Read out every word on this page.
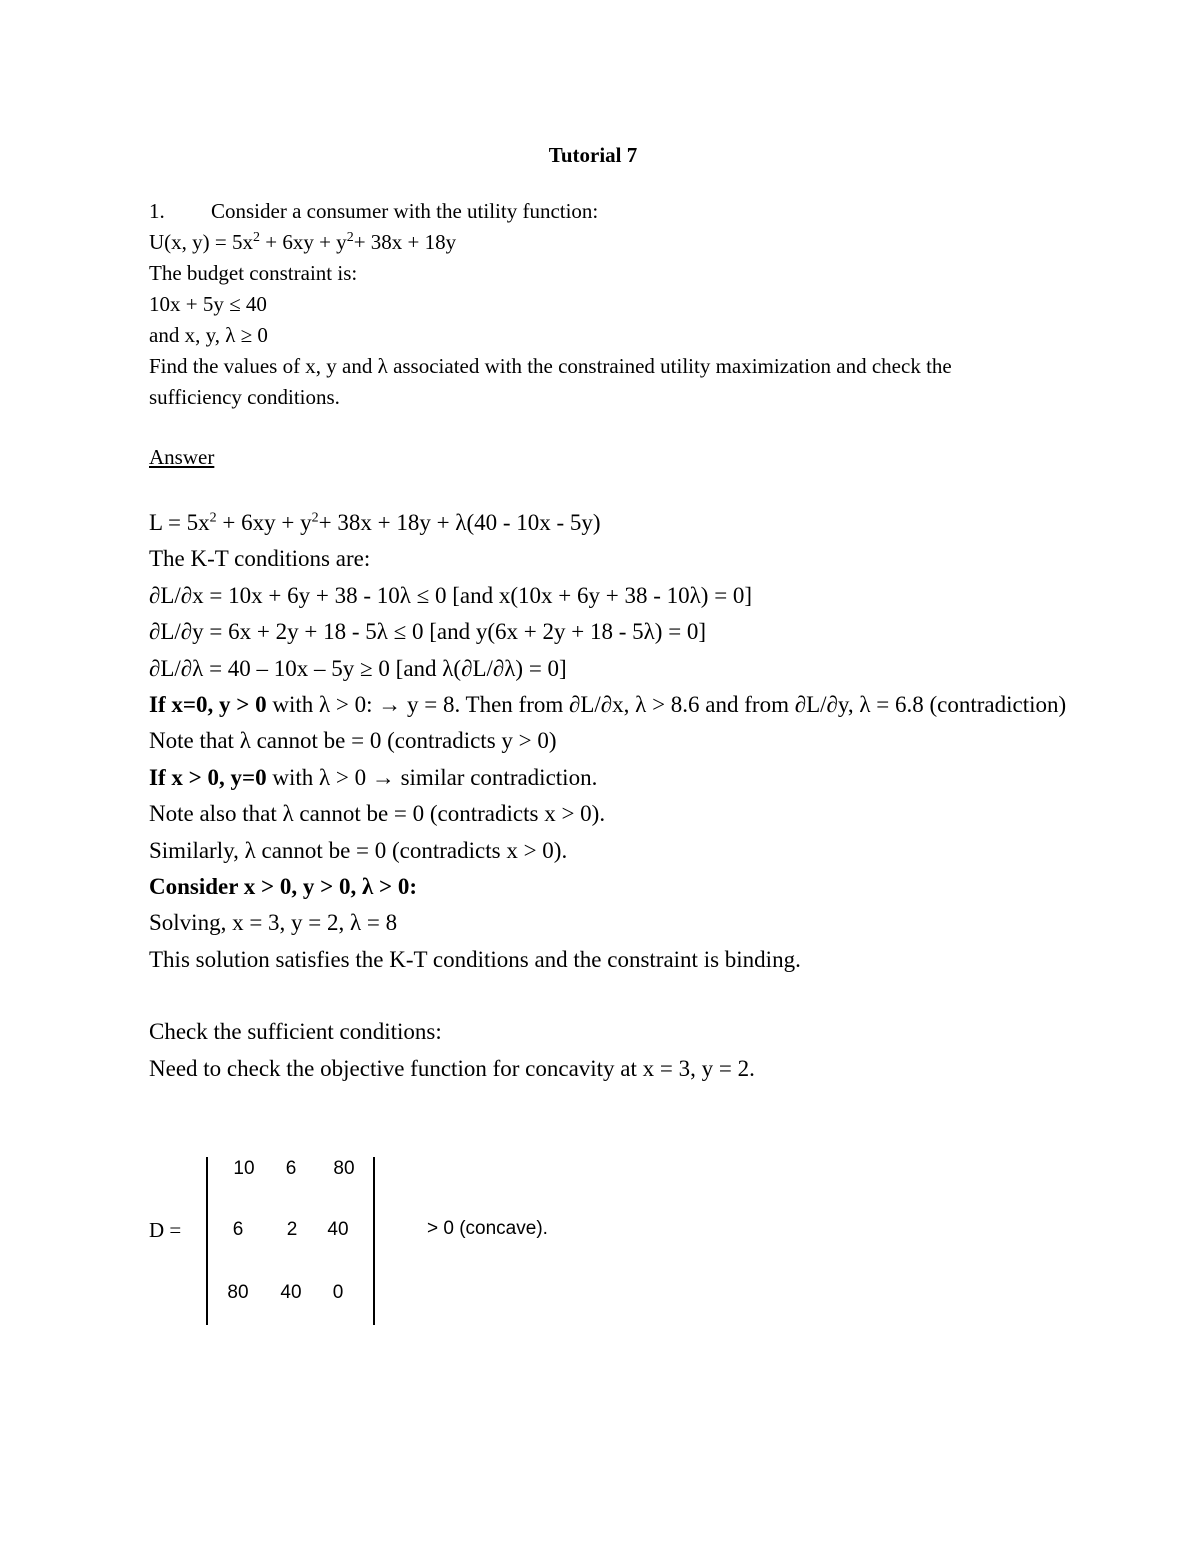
Tutorial 7
1. Consider a consumer with the utility function:
U(x, $y) = 5x^2 + 6xy + y^2+ 38x + 18y$
The budget constraint is:
10x + 5y ≤ 40
and x, y, λ ≥ 0
Find the values of x, y and λ associated with the constrained utility maximization and check the sufficiency conditions.
Answer
$L = 5x^2 + 6xy + y^2+ 38x + 18y + \lambda(40 - 10x - 5y)$
The K-T conditions are:
∂L/∂x = 10x + 6y + 38 - 10λ ≤ 0 [and x(10x + 6y + 38 - 10λ) = 0]
∂L/∂y = 6x + 2y + 18 - 5λ ≤ 0 [and y(6x + 2y + 18 - 5λ) = 0]
∂L/∂λ = 40 – 10x – 5y ≥ 0 [and λ(∂L/∂λ) = 0]
If x=0, y > 0 with λ > 0: → y = 8. Then from ∂L/∂x, λ > 8.6 and from ∂L/∂y, λ = 6.8 (contradiction)
Note that λ cannot be = 0 (contradicts y > 0)
If x > 0, y=0 with λ > 0 → similar contradiction.
Note also that λ cannot be = 0 (contradicts x > 0).
Similarly, λ cannot be = 0 (contradicts x > 0).
Consider x > 0, y > 0, λ > 0:
Solving, x = 3, y = 2, λ = 8
This solution satisfies the K-T conditions and the constraint is binding.
Check the sufficient conditions:
Need to check the objective function for concavity at x = 3, y = 2.
D =
10	6	80
6	2	40
80	40	0
> 0 (concave).
